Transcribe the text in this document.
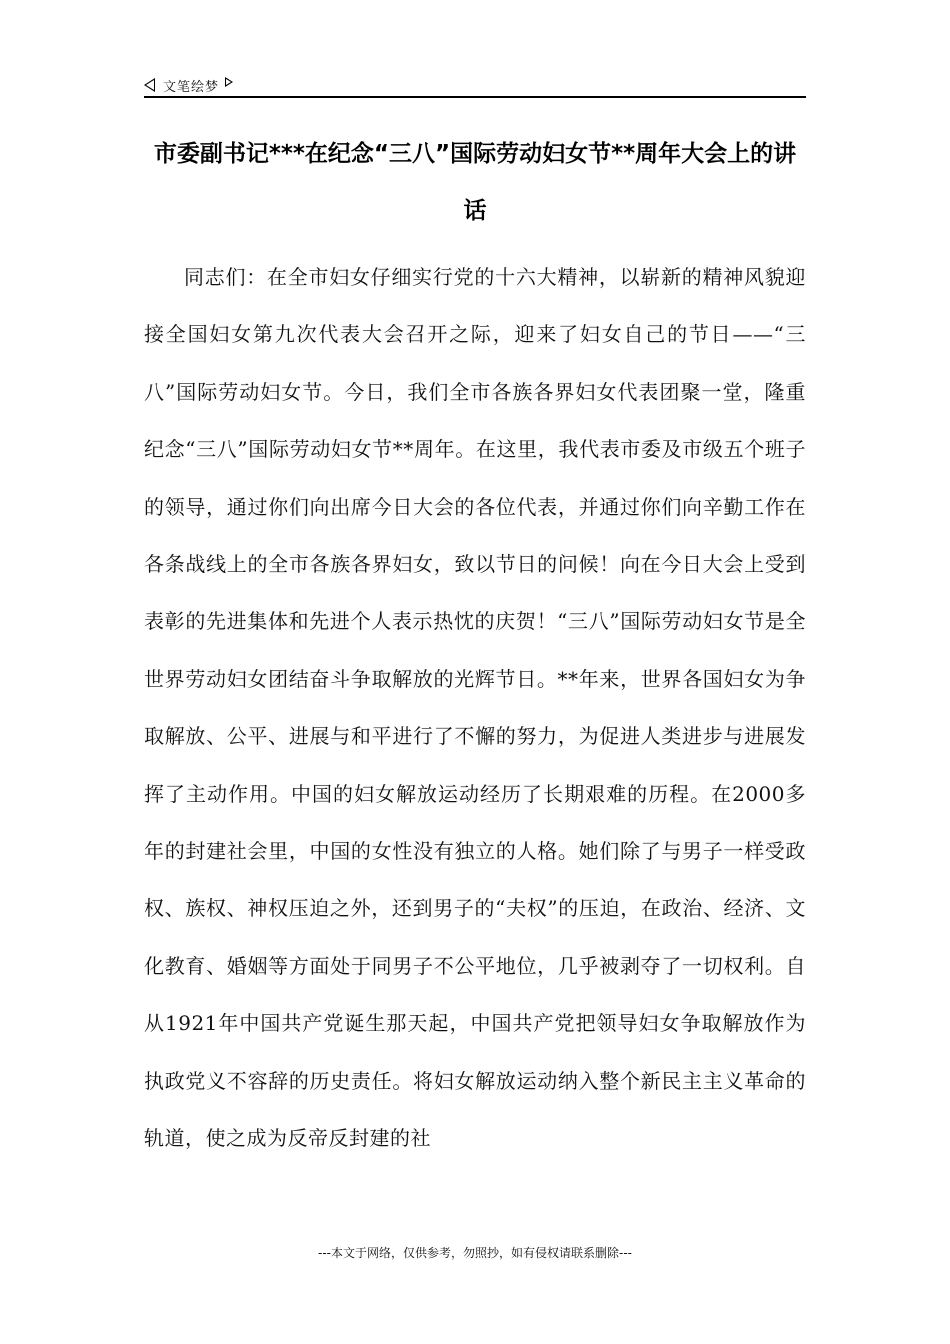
文笔绘梦
市委副书记***在纪念“三八”国际劳动妇女节**周年大会上的讲话
同志们：在全市妇女仔细实行党的十六大精神，以崭新的精神风貌迎接全国妇女第九次代表大会召开之际，迎来了妇女自己的节日——“三八”国际劳动妇女节。今日，我们全市各族各界妇女代表团聚一堂，隆重纪念“三八”国际劳动妇女节**周年。在这里，我代表市委及市级五个班子的领导，通过你们向出席今日大会的各位代表，并通过你们向辛勤工作在各条战线上的全市各族各界妇女，致以节日的问候！向在今日大会上受到表彰的先进集体和先进个人表示热忱的庆贺！“三八”国际劳动妇女节是全世界劳动妇女团结奋斗争取解放的光辉节日。**年来，世界各国妇女为争取解放、公平、进展与和平进行了不懈的努力，为促进人类进步与进展发挥了主动作用。中国的妇女解放运动经历了长期艰难的历程。在2000多年的封建社会里，中国的女性没有独立的人格。她们除了与男子一样受政权、族权、神权压迫之外，还到男子的“夫权”的压迫，在政治、经济、文化教育、婚姻等方面处于同男子不公平地位，几乎被剥夺了一切权利。自从1921年中国共产党诞生那天起，中国共产党把领导妇女争取解放作为执政党义不容辞的历史责任。将妇女解放运动纳入整个新民主主义革命的轨道，使之成为反帝反封建的社
---本文于网络，仅供参考，勿照抄，如有侵权请联系删除---
